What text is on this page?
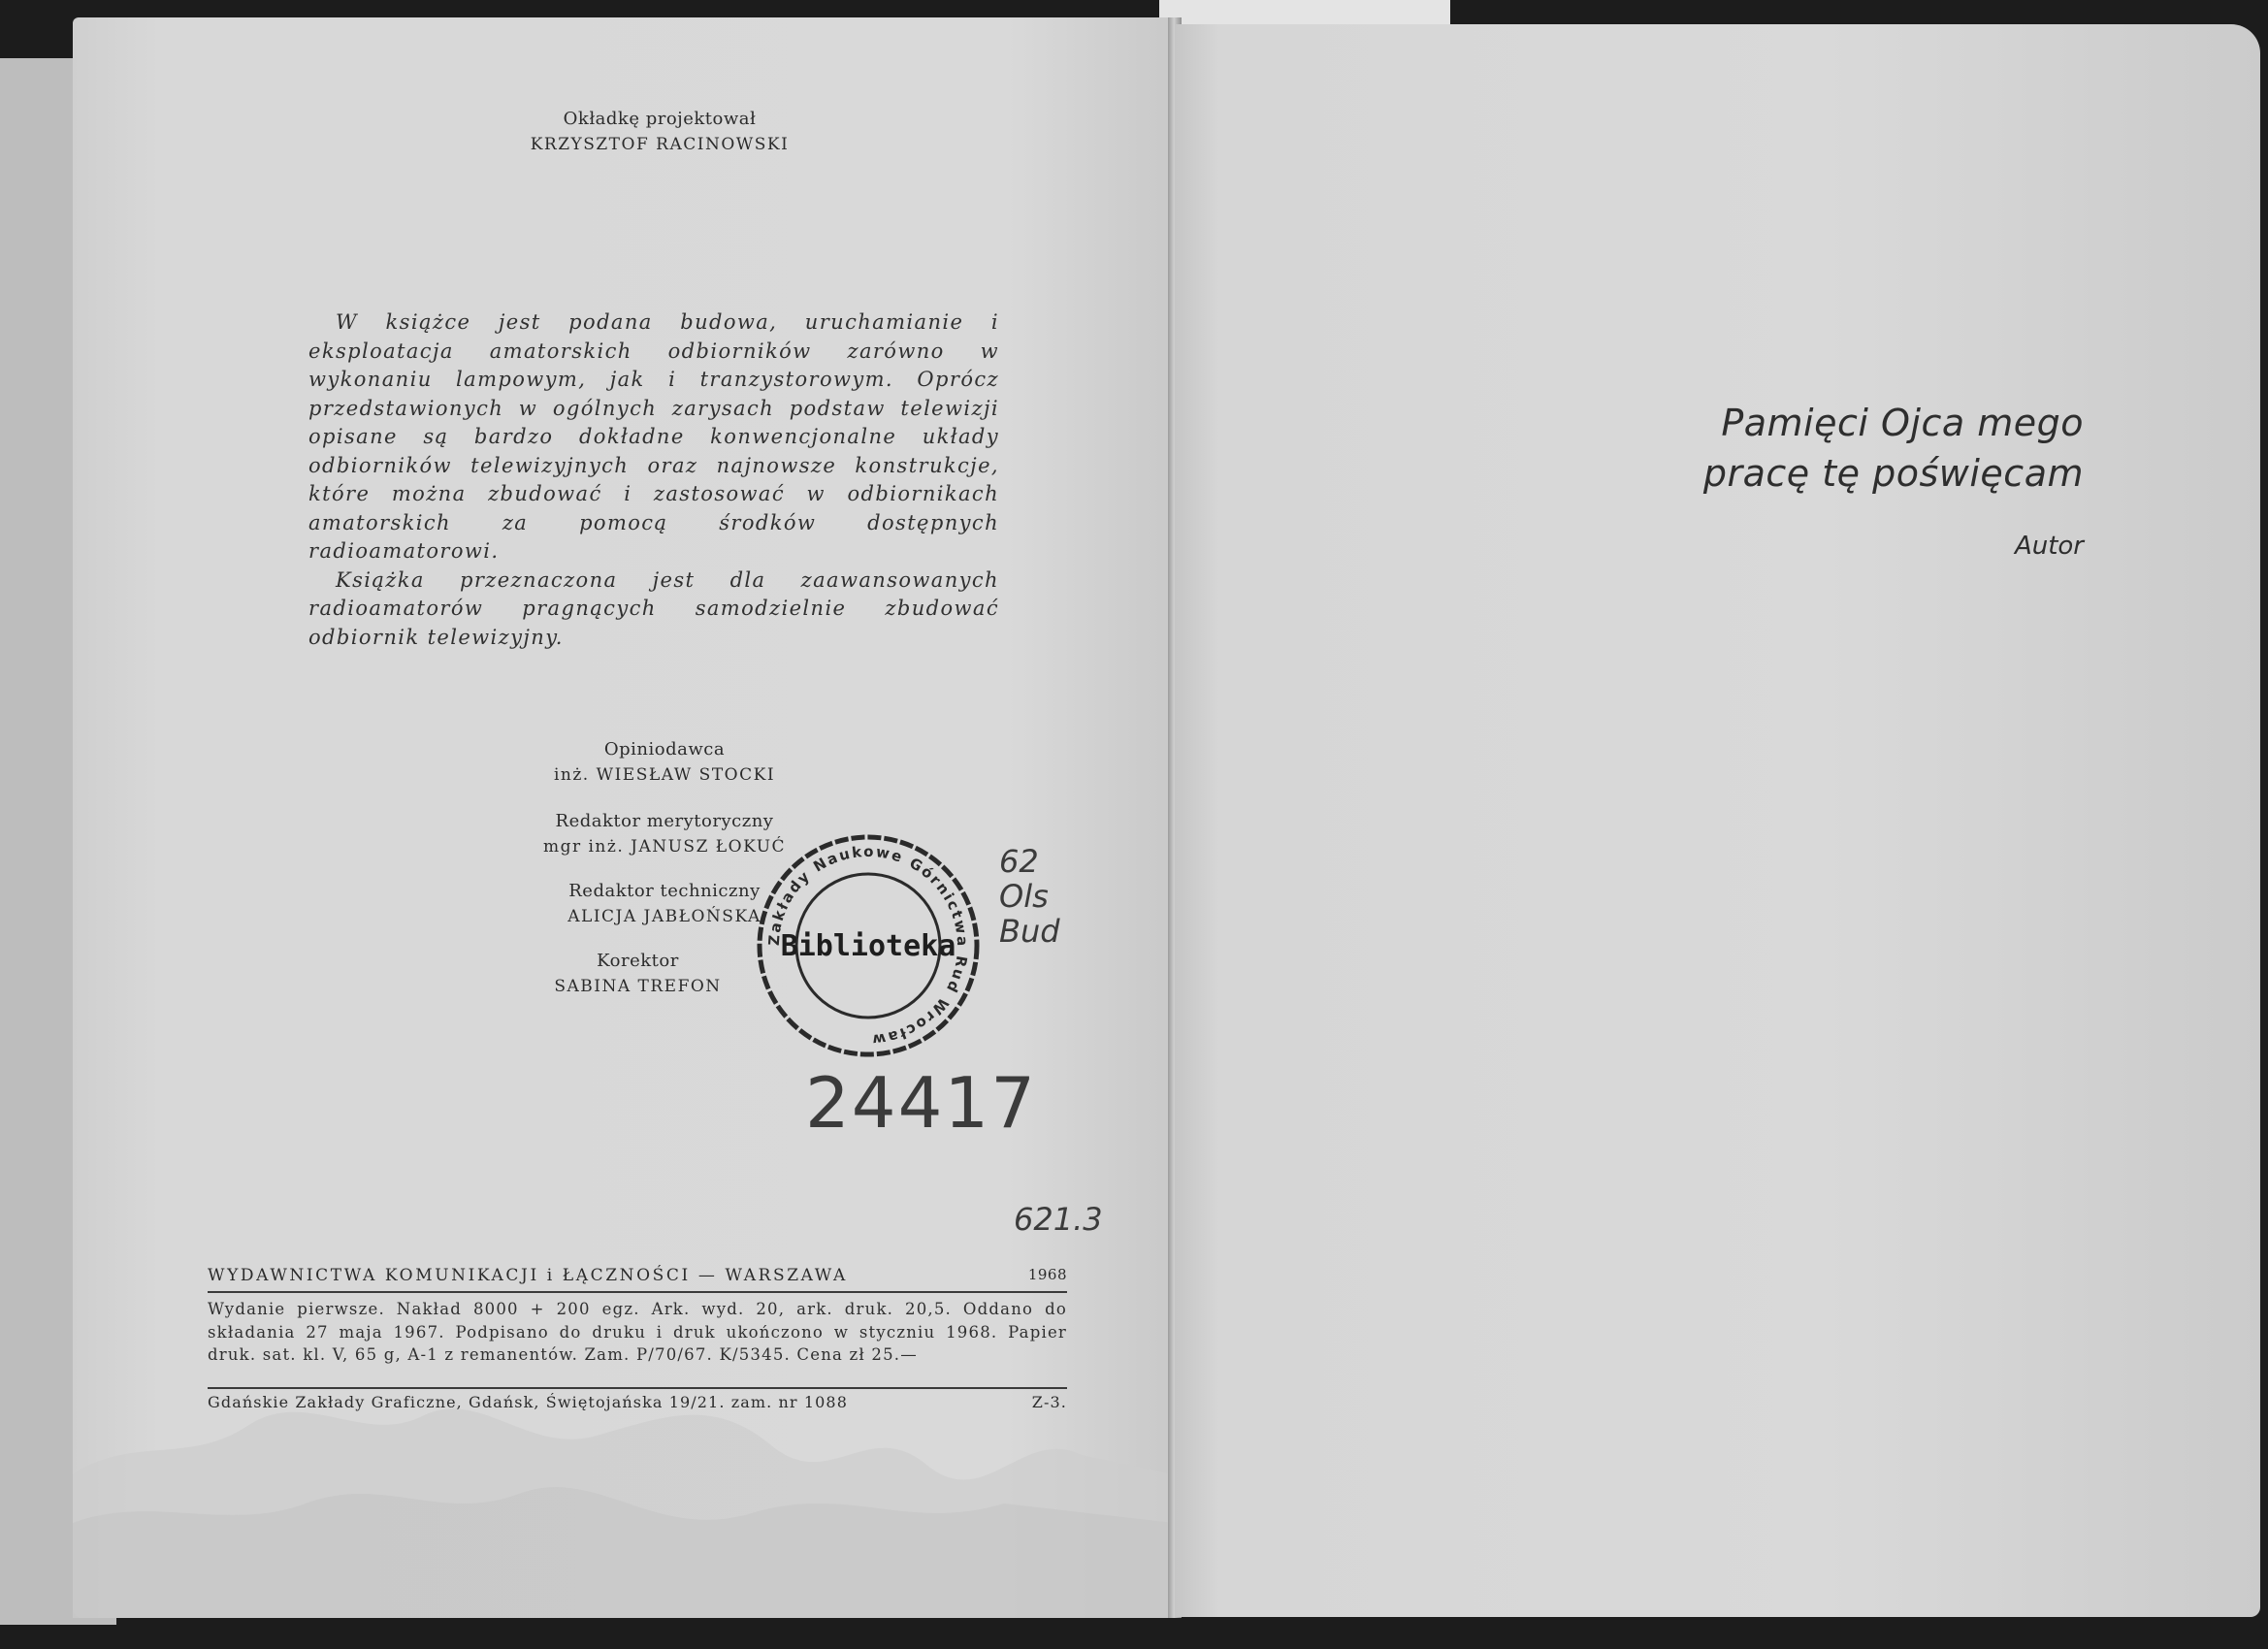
Okładkę projektował
KRZYSZTOF RACINOWSKI

W książce jest podana budowa, uruchamianie i eksploatacja amatorskich odbiorników zarówno w wykonaniu lampowym, jak i tranzystorowym. Oprócz przedstawionych w ogólnych zarysach podstaw telewizji opisane są bardzo dokładne konwencjonalne układy odbiorników telewizyjnych oraz najnowsze konstrukcje, które można zbudować i zastosować w odbiornikach amatorskich za pomocą środków dostępnych radioamatorowi.

Książka przeznaczona jest dla zaawansowanych radioamatorów pragnących samodzielnie zbudować odbiornik telewizyjny.

Opiniodawca
inż. WIESŁAW STOCKI
Redaktor merytoryczny
mgr inż. JANUSZ ŁOKUĆ
Redaktor techniczny
ALICJA JABŁOŃSKA
Korektor
SABINA TREFON
Zakłady Naukowe Górnictwa Rud Wrocław
Biblioteka
62
Ols
Bud
24417
621.3
WYDAWNICTWA KOMUNIKACJI i ŁĄCZNOŚCI — WARSZAWA	1968
Wydanie pierwsze. Nakład 8000 + 200 egz. Ark. wyd. 20, ark. druk. 20,5. Oddano do składania 27 maja 1967. Podpisano do druku i druk ukończono w styczniu 1968. Papier druk. sat. kl. V, 65 g, A-1 z remanentów. Zam. P/70/67. K/5345. Cena zł 25.—
Gdańskie Zakłady Graficzne, Gdańsk, Świętojańska 19/21. zam. nr 1088	Z-3.
Pamięci Ojca mego
pracę tę poświęcam
Autor
